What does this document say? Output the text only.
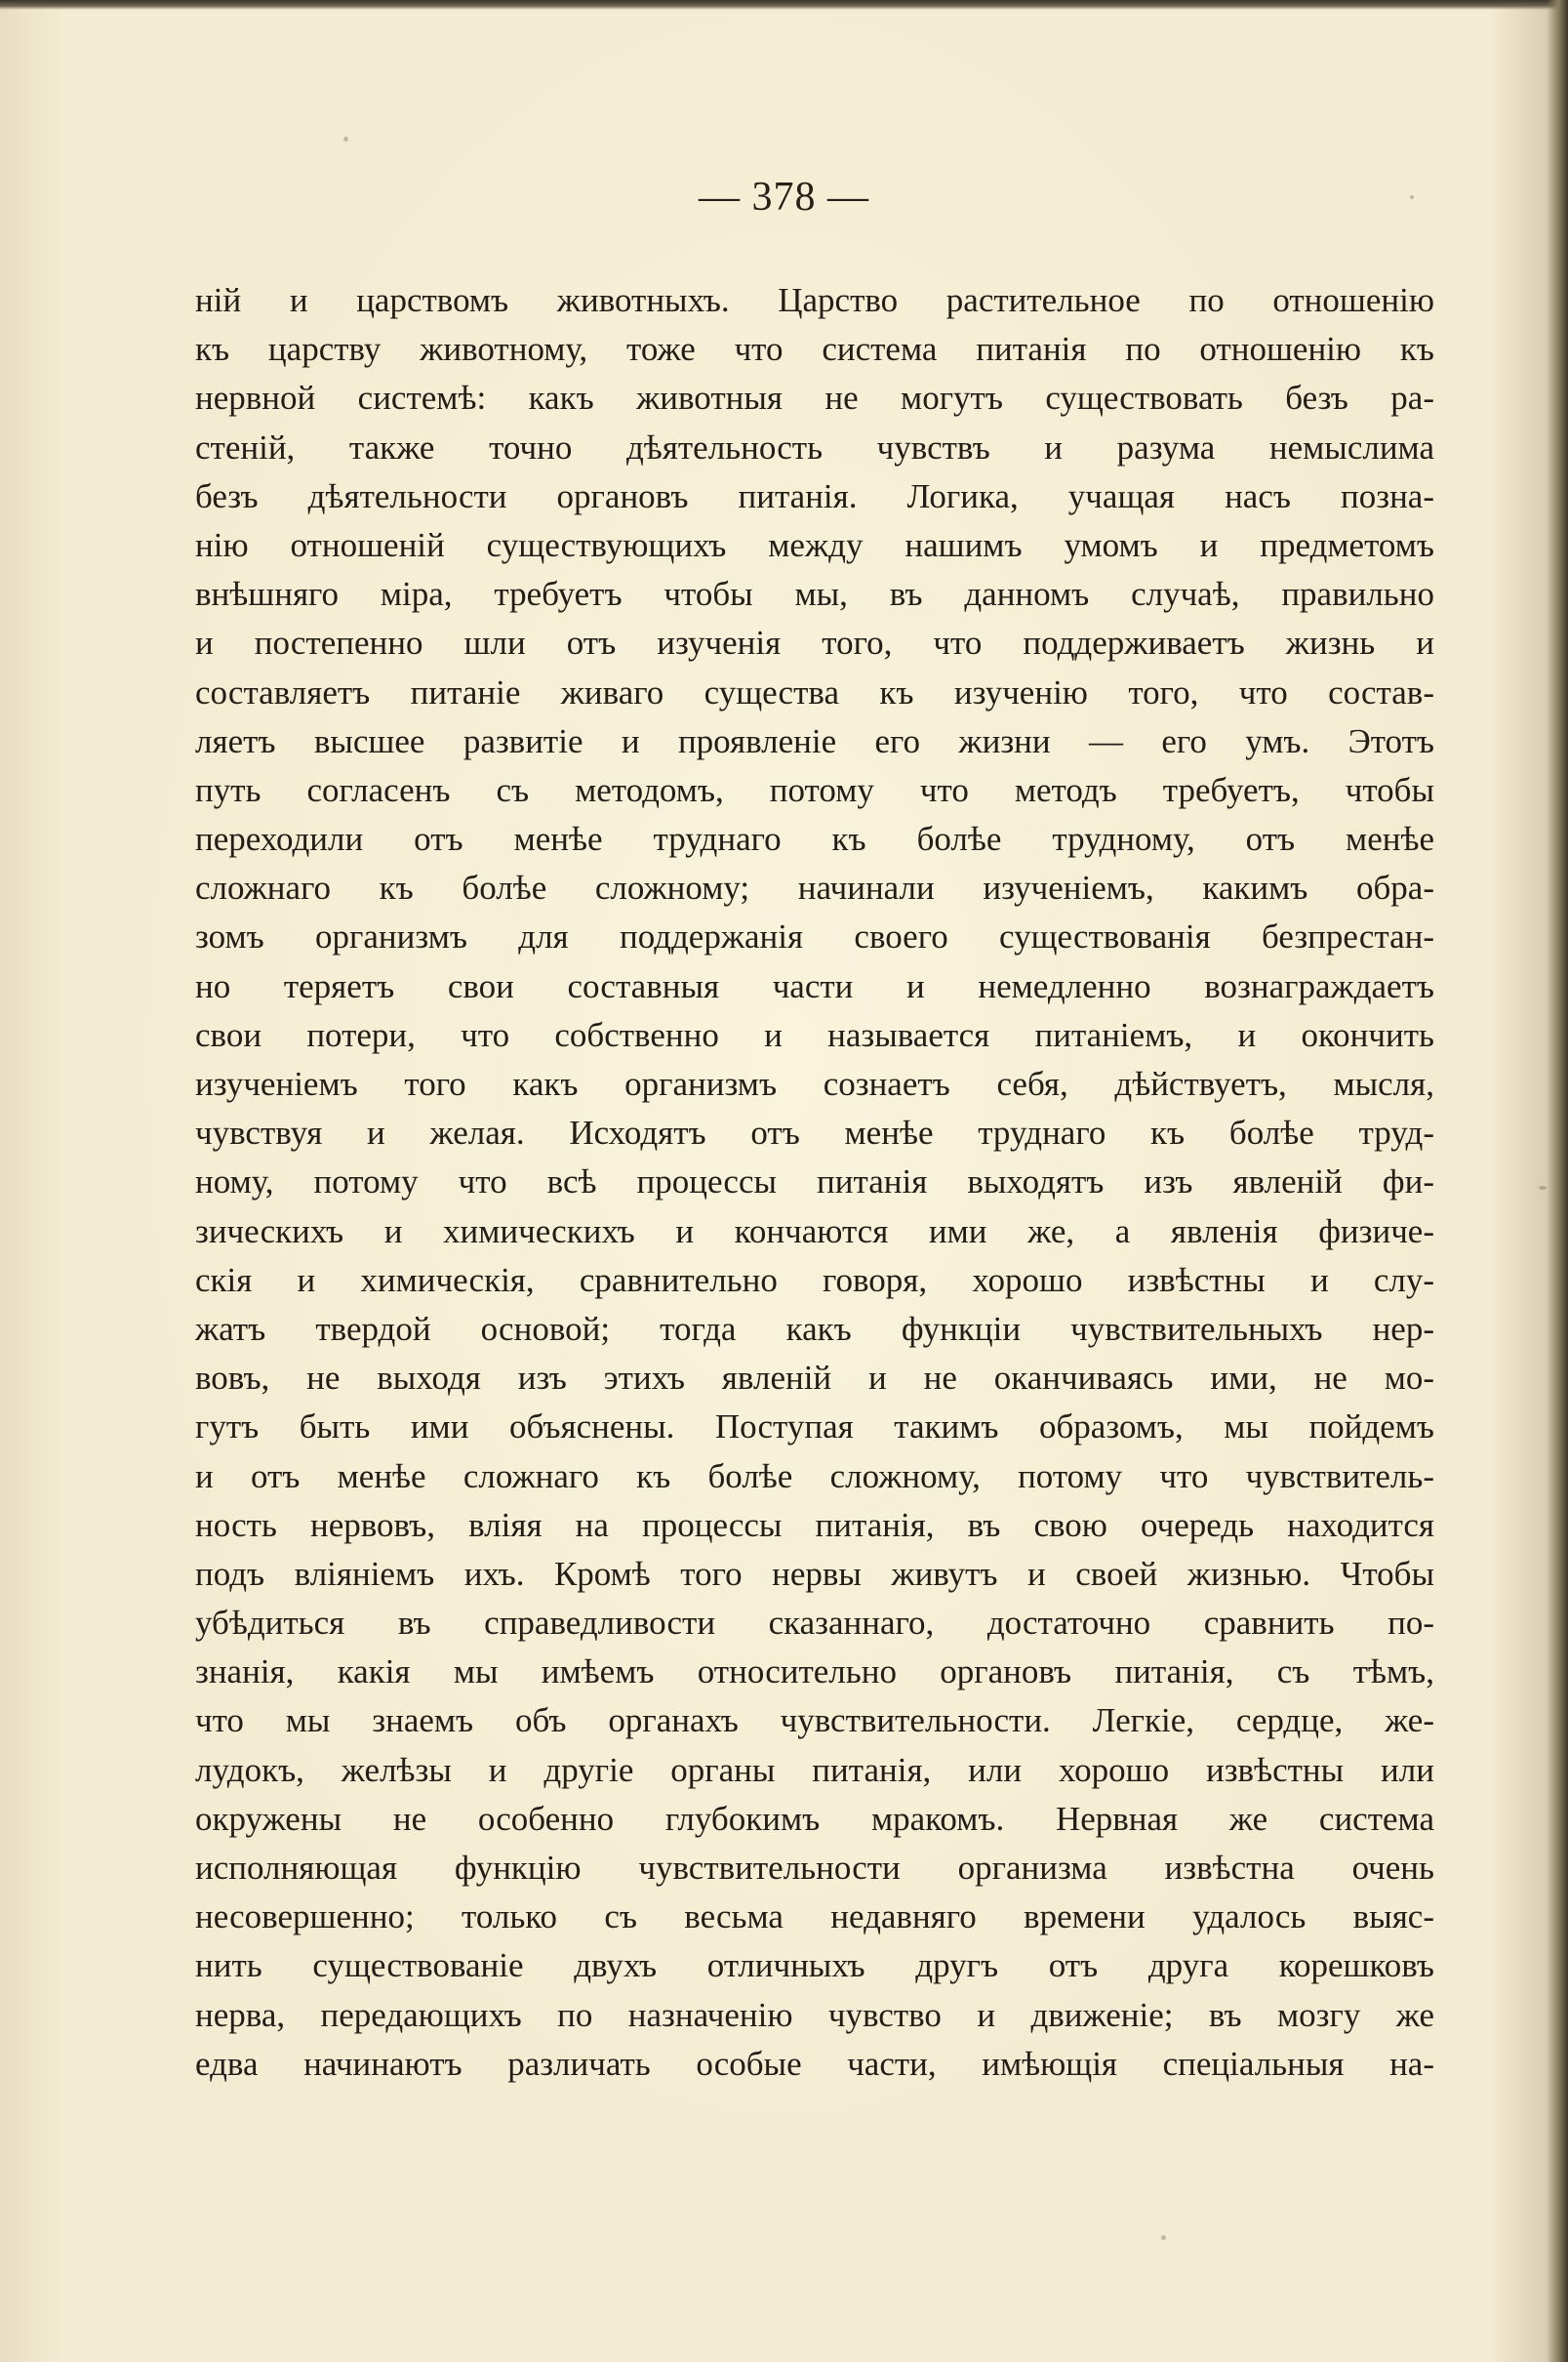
— 378 —
ній и царствомъ животныхъ. Царство растительное по отношенію
къ царству животному, тоже что система питанія по отношенію къ
нервной системѣ: какъ животныя не могутъ существовать безъ ра-
стеній, также точно дѣятельность чувствъ и разума немыслима
безъ дѣятельности органовъ питанія. Логика, учащая насъ позна-
нію отношеній существующихъ между нашимъ умомъ и предметомъ
внѣшняго міра, требуетъ чтобы мы, въ данномъ случаѣ, правильно
и постепенно шли отъ изученія того, что поддерживаетъ жизнь и
составляетъ питаніе живаго существа къ изученію того, что состав-
ляетъ высшее развитіе и проявленіе его жизни — его умъ. Этотъ
путь согласенъ съ методомъ, потому что методъ требуетъ, чтобы
переходили отъ менѣе труднаго къ болѣе трудному, отъ менѣе
сложнаго къ болѣе сложному; начинали изученіемъ, какимъ обра-
зомъ организмъ для поддержанія своего существованія безпрестан-
но теряетъ свои составныя части и немедленно вознаграждаетъ
свои потери, что собственно и называется питаніемъ, и окончить
изученіемъ того какъ организмъ сознаетъ себя, дѣйствуетъ, мысля,
чувствуя и желая. Исходятъ отъ менѣе труднаго къ болѣе труд-
ному, потому что всѣ процессы питанія выходятъ изъ явленій фи-
зическихъ и химическихъ и кончаются ими же, а явленія физиче-
скія и химическія, сравнительно говоря, хорошо извѣстны и слу-
жатъ твердой основой; тогда какъ функціи чувствительныхъ нер-
вовъ, не выходя изъ этихъ явленій и не оканчиваясь ими, не мо-
гутъ быть ими объяснены. Поступая такимъ образомъ, мы пойдемъ
и отъ менѣе сложнаго къ болѣе сложному, потому что чувствитель-
ность нервовъ, вліяя на процессы питанія, въ свою очередь находится
подъ вліяніемъ ихъ. Кромѣ того нервы живутъ и своей жизнью. Чтобы
убѣдиться въ справедливости сказаннаго, достаточно сравнить по-
знанія, какія мы имѣемъ относительно органовъ питанія, съ тѣмъ,
что мы знаемъ объ органахъ чувствительности. Легкіе, сердце, же-
лудокъ, желѣзы и другіе органы питанія, или хорошо извѣстны или
окружены не особенно глубокимъ мракомъ. Нервная же система
исполняющая функцію чувствительности организма извѣстна очень
несовершенно; только съ весьма недавняго времени удалось выяс-
нить существованіе двухъ отличныхъ другъ отъ друга корешковъ
нерва, передающихъ по назначенію чувство и движеніе; въ мозгу же
едва начинаютъ различать особые части, имѣющія спеціальныя на-
